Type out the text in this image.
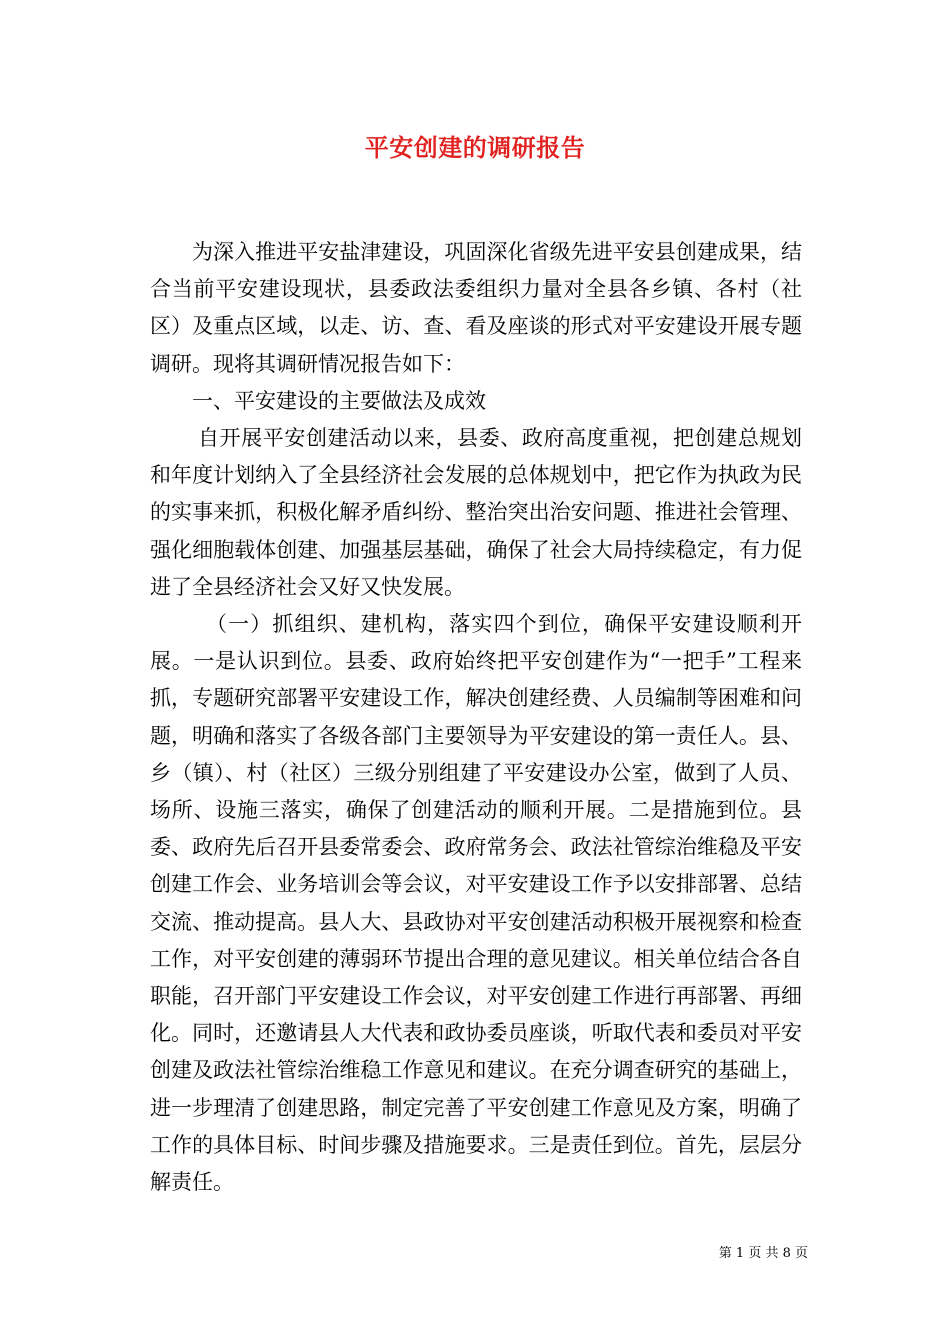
平安创建的调研报告

为深入推进平安盐津建设，巩固深化省级先进平安县创建成果，结合当前平安建设现状，县委政法委组织力量对全县各乡镇、各村（社区）及重点区域，以走、访、查、看及座谈的形式对平安建设开展专题调研。现将其调研情况报告如下：

一、平安建设的主要做法及成效

自开展平安创建活动以来，县委、政府高度重视，把创建总规划和年度计划纳入了全县经济社会发展的总体规划中，把它作为执政为民的实事来抓，积极化解矛盾纠纷、整治突出治安问题、推进社会管理、强化细胞载体创建、加强基层基础，确保了社会大局持续稳定，有力促进了全县经济社会又好又快发展。

（一）抓组织、建机构，落实四个到位，确保平安建设顺利开展。一是认识到位。县委、政府始终把平安创建作为“一把手”工程来抓，专题研究部署平安建设工作，解决创建经费、人员编制等困难和问题，明确和落实了各级各部门主要领导为平安建设的第一责任人。县、乡（镇）、村（社区）三级分别组建了平安建设办公室，做到了人员、场所、设施三落实，确保了创建活动的顺利开展。二是措施到位。县委、政府先后召开县委常委会、政府常务会、政法社管综治维稳及平安创建工作会、业务培训会等会议，对平安建设工作予以安排部署、总结交流、推动提高。县人大、县政协对平安创建活动积极开展视察和检查工作，对平安创建的薄弱环节提出合理的意见建议。相关单位结合各自职能，召开部门平安建设工作会议，对平安创建工作进行再部署、再细化。同时，还邀请县人大代表和政协委员座谈，听取代表和委员对平安创建及政法社管综治维稳工作意见和建议。在充分调查研究的基础上，进一步理清了创建思路，制定完善了平安创建工作意见及方案，明确了工作的具体目标、时间步骤及措施要求。三是责任到位。首先，层层分解责任。

第 1 页 共 8 页
